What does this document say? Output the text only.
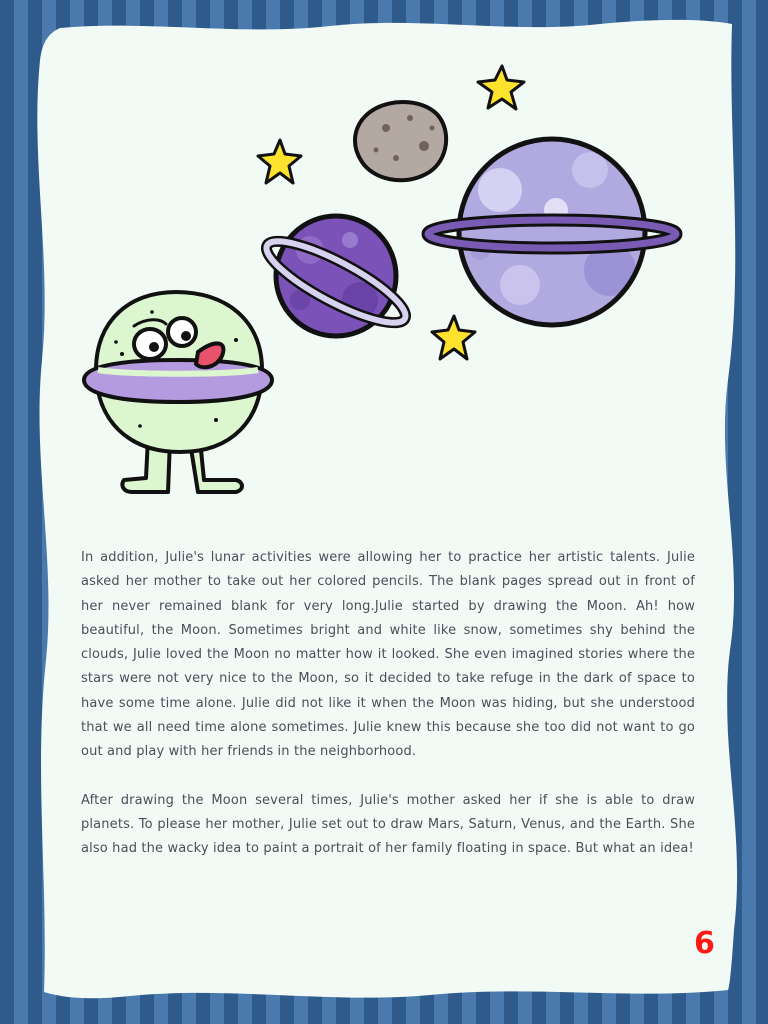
In addition, Julie's lunar activities were allowing her to practice her artistic talents. Julie asked her mother to take out her colored pencils. The blank pages spread out in front of her never remained blank for very long.Julie started by drawing the Moon. Ah! how beautiful, the Moon. Sometimes bright and white like snow, sometimes shy behind the clouds, Julie loved the Moon no matter how it looked. She even imagined stories where the stars were not very nice to the Moon, so it decided to take refuge in the dark of space to have some time alone. Julie did not like it when the Moon was hiding, but she understood that we all need time alone sometimes. Julie knew this because she too did not want to go out and play with her friends in the neighborhood.

After drawing the Moon several times, Julie's mother asked her if she is able to draw planets. To please her mother, Julie set out to draw Mars, Saturn, Venus, and the Earth. She also had the wacky idea to paint a portrait of her family floating in space. But what an idea!

6
